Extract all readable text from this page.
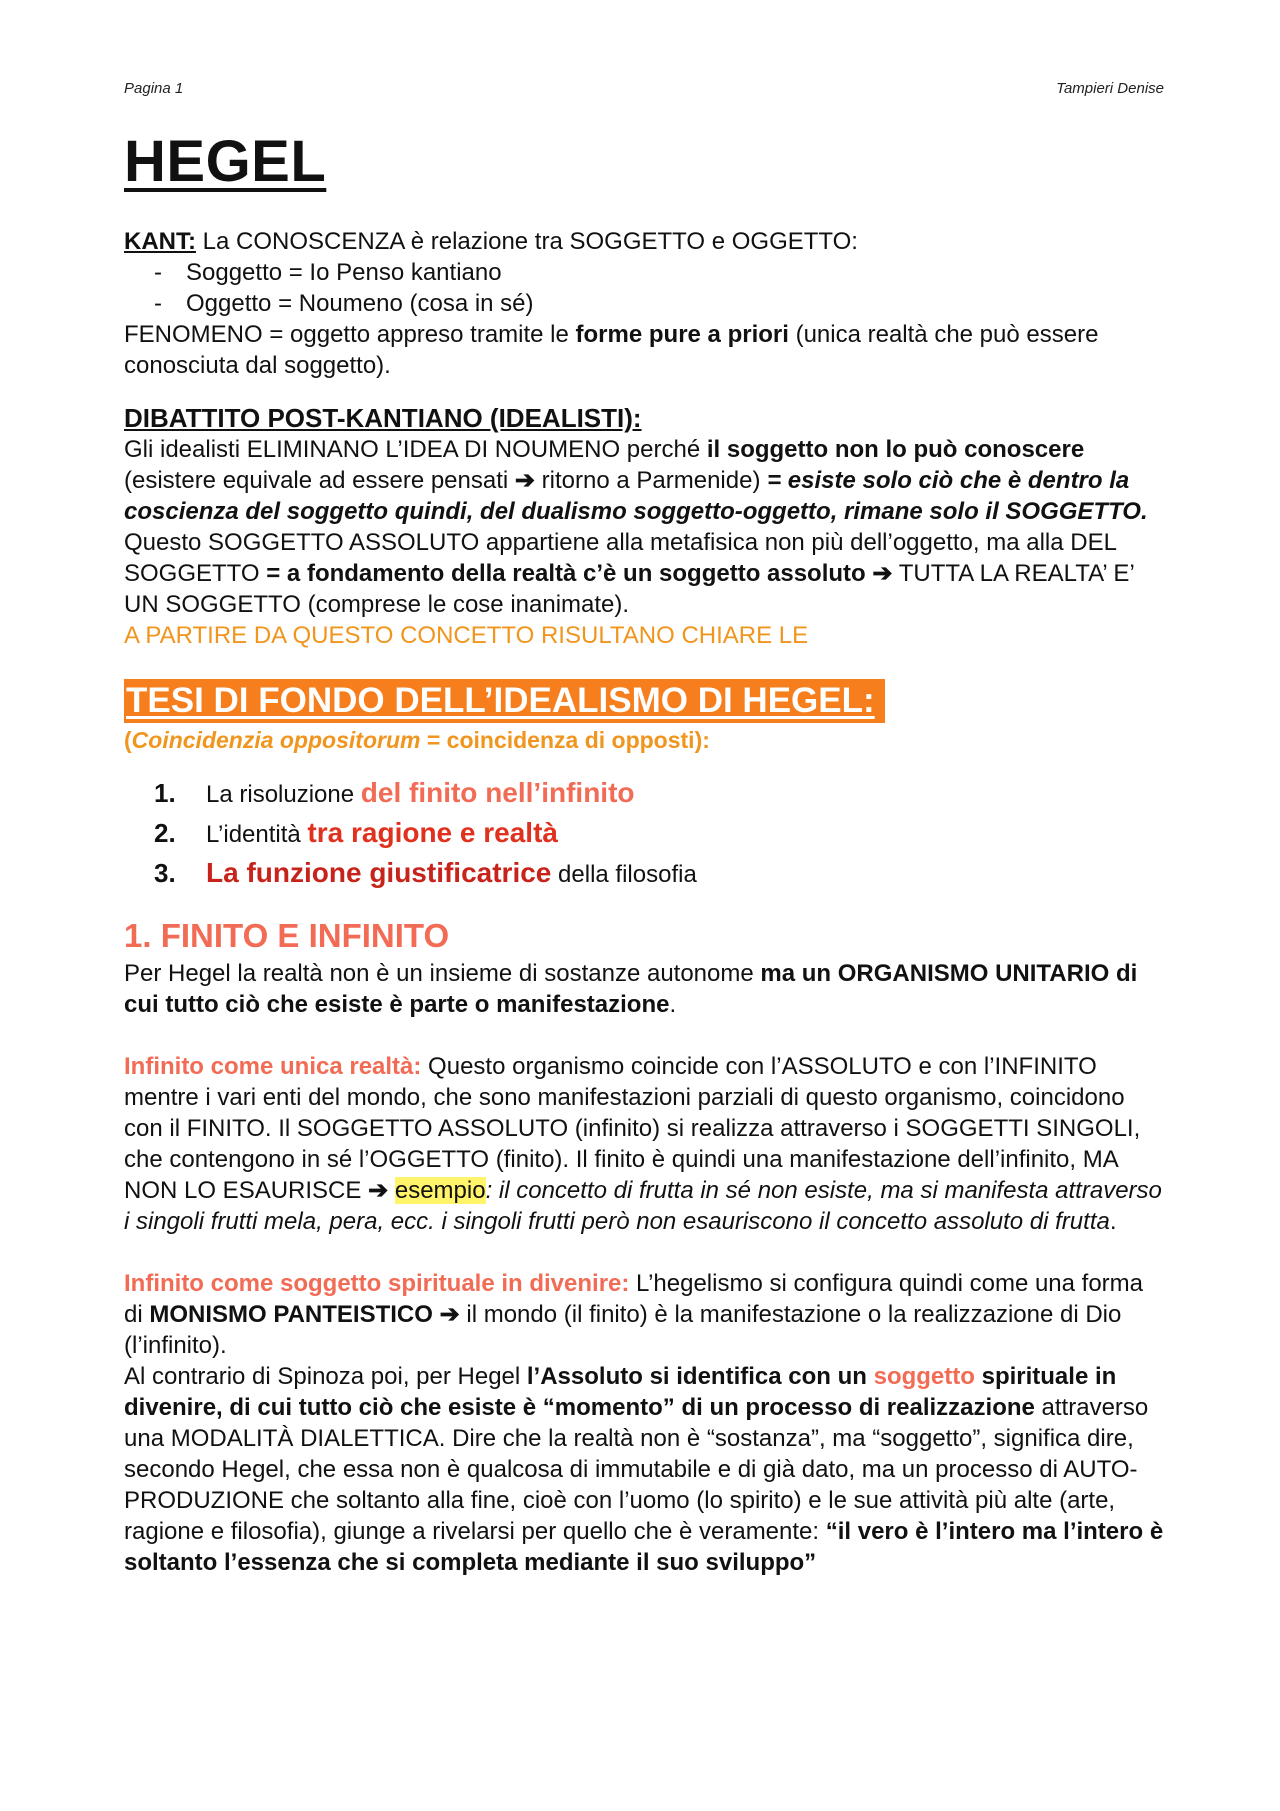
Pagina 1	Tampieri Denise
HEGEL

KANT: La CONOSCENZA è relazione tra SOGGETTO e OGGETTO:

- Soggetto = Io Penso kantiano
- Oggetto = Noumeno (cosa in sé)

FENOMENO = oggetto appreso tramite le forme pure a priori (unica realtà che può essere conosciuta dal soggetto).

DIBATTITO POST-KANTIANO (IDEALISTI):

Gli idealisti ELIMINANO L’IDEA DI NOUMENO perché il soggetto non lo può conoscere (esistere equivale ad essere pensati ➔ ritorno a Parmenide) = esiste solo ciò che è dentro la coscienza del soggetto quindi, del dualismo soggetto-oggetto, rimane solo il SOGGETTO.

Questo SOGGETTO ASSOLUTO appartiene alla metafisica non più dell’oggetto, ma alla DEL SOGGETTO = a fondamento della realtà c’è un soggetto assoluto ➔ TUTTA LA REALTA’ E’ UN SOGGETTO (comprese le cose inanimate).

A PARTIRE DA QUESTO CONCETTO RISULTANO CHIARE LE

TESI DI FONDO DELL’IDEALISMO DI HEGEL:

(Coincidenzia oppositorum = coincidenza di opposti):

1. La risoluzione del finito nell’infinito
2. L’identità tra ragione e realtà
3. La funzione giustificatrice della filosofia

1. FINITO E INFINITO

Per Hegel la realtà non è un insieme di sostanze autonome ma un ORGANISMO UNITARIO di cui tutto ciò che esiste è parte o manifestazione.

Infinito come unica realtà: Questo organismo coincide con l’ASSOLUTO e con l’INFINITO mentre i vari enti del mondo, che sono manifestazioni parziali di questo organismo, coincidono con il FINITO. Il SOGGETTO ASSOLUTO (infinito) si realizza attraverso i SOGGETTI SINGOLI, che contengono in sé l’OGGETTO (finito). Il finito è quindi una manifestazione dell’infinito, MA NON LO ESAURISCE ➔ esempio: il concetto di frutta in sé non esiste, ma si manifesta attraverso i singoli frutti mela, pera, ecc. i singoli frutti però non esauriscono il concetto assoluto di frutta.

Infinito come soggetto spirituale in divenire: L’hegelismo si configura quindi come una forma di MONISMO PANTEISTICO ➔ il mondo (il finito) è la manifestazione o la realizzazione di Dio (l’infinito).

Al contrario di Spinoza poi, per Hegel l’Assoluto si identifica con un soggetto spirituale in divenire, di cui tutto ciò che esiste è “momento” di un processo di realizzazione attraverso una MODALITÀ DIALETTICA. Dire che la realtà non è “sostanza”, ma “soggetto”, significa dire, secondo Hegel, che essa non è qualcosa di immutabile e di già dato, ma un processo di AUTO-PRODUZIONE che soltanto alla fine, cioè con l’uomo (lo spirito) e le sue attività più alte (arte, ragione e filosofia), giunge a rivelarsi per quello che è veramente: “il vero è l’intero ma l’intero è soltanto l’essenza che si completa mediante il suo sviluppo”
